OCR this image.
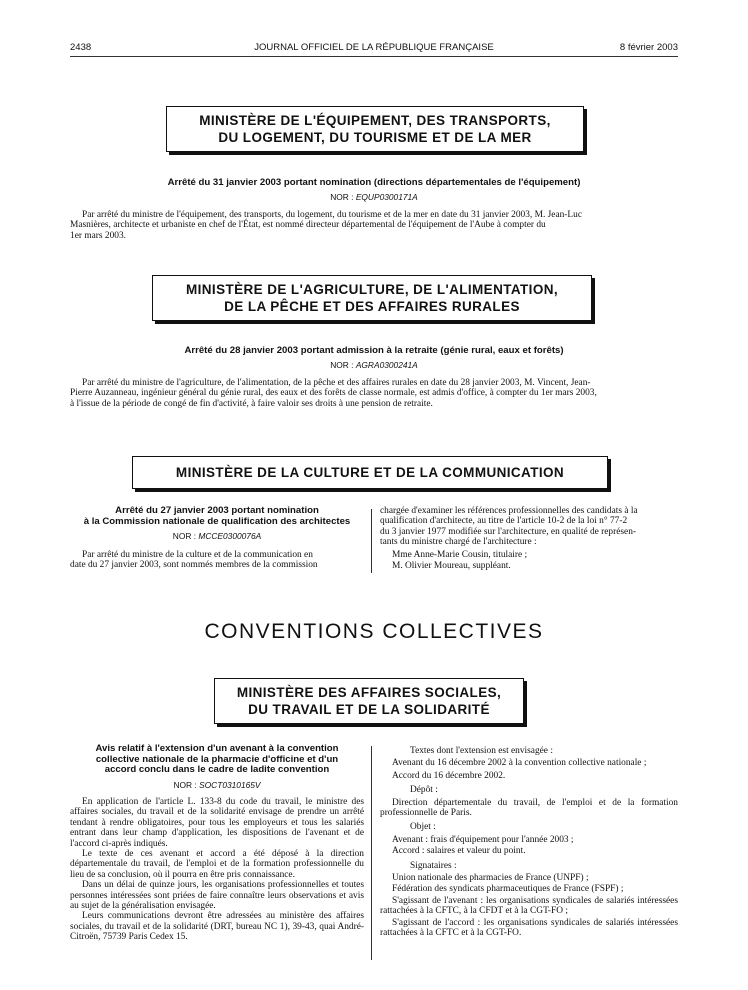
2438	JOURNAL OFFICIEL DE LA RÉPUBLIQUE FRANÇAISE	8 février 2003
MINISTÈRE DE L'ÉQUIPEMENT, DES TRANSPORTS,
DU LOGEMENT, DU TOURISME ET DE LA MER
Arrêté du 31 janvier 2003 portant nomination (directions départementales de l'équipement)
NOR : EQUP0300171A

Par arrêté du ministre de l'équipement, des transports, du logement, du tourisme et de la mer en date du 31 janvier 2003, M. Jean-Luc

Masnières, architecte et urbaniste en chef de l'État, est nommé directeur départemental de l'équipement de l'Aube à compter du

1er mars 2003.

MINISTÈRE DE L'AGRICULTURE, DE L'ALIMENTATION,
DE LA PÊCHE ET DES AFFAIRES RURALES
Arrêté du 28 janvier 2003 portant admission à la retraite (génie rural, eaux et forêts)
NOR : AGRA0300241A

Par arrêté du ministre de l'agriculture, de l'alimentation, de la pêche et des affaires rurales en date du 28 janvier 2003, M. Vincent, Jean-

Pierre Auzanneau, ingénieur général du génie rural, des eaux et des forêts de classe normale, est admis d'office, à compter du 1er mars 2003,

à l'issue de la période de congé de fin d'activité, à faire valoir ses droits à une pension de retraite.

MINISTÈRE DE LA CULTURE ET DE LA COMMUNICATION
Arrêté du 27 janvier 2003 portant nomination
à la Commission nationale de qualification des architectes
NOR : MCCE0300076A

Par arrêté du ministre de la culture et de la communication en

date du 27 janvier 2003, sont nommés membres de la commission

chargée d'examiner les références professionnelles des candidats à la

qualification d'architecte, au titre de l'article 10-2 de la loi n° 77-2

du 3 janvier 1977 modifiée sur l'architecture, en qualité de représen-

tants du ministre chargé de l'architecture :

Mme Anne-Marie Cousin, titulaire ;

M. Olivier Moureau, suppléant.

CONVENTIONS COLLECTIVES
MINISTÈRE DES AFFAIRES SOCIALES,
DU TRAVAIL ET DE LA SOLIDARITÉ
Avis relatif à l'extension d'un avenant à la convention
collective nationale de la pharmacie d'officine et d'un
accord conclu dans le cadre de ladite convention
NOR : SOCT0310165V

En application de l'article L. 133-8 du code du travail, le ministre des affaires sociales, du travail et de la solidarité envisage de prendre un arrêté tendant à rendre obligatoires, pour tous les employeurs et tous les salariés entrant dans leur champ d'application, les dispositions de l'avenant et de l'accord ci-après indiqués.

Le texte de ces avenant et accord a été déposé à la direction départementale du travail, de l'emploi et de la formation professionnelle du lieu de sa conclusion, où il pourra en être pris connaissance.

Dans un délai de quinze jours, les organisations professionnelles et toutes personnes intéressées sont priées de faire connaître leurs observations et avis au sujet de la généralisation envisagée.

Leurs communications devront être adressées au ministère des affaires sociales, du travail et de la solidarité (DRT, bureau NC 1), 39-43, quai André-Citroën, 75739 Paris Cedex 15.

Textes dont l'extension est envisagée :

Avenant du 16 décembre 2002 à la convention collective nationale ;

Accord du 16 décembre 2002.

Dépôt :

Direction départementale du travail, de l'emploi et de la formation professionnelle de Paris.

Objet :

Avenant : frais d'équipement pour l'année 2003 ;

Accord : salaires et valeur du point.

Signataires :

Union nationale des pharmacies de France (UNPF) ;

Fédération des syndicats pharmaceutiques de France (FSPF) ;

S'agissant de l'avenant : les organisations syndicales de salariés intéressées rattachées à la CFTC, à la CFDT et à la CGT-FO ;

S'agissant de l'accord : les organisations syndicales de salariés intéressées rattachées à la CFTC et à la CGT-FO.
